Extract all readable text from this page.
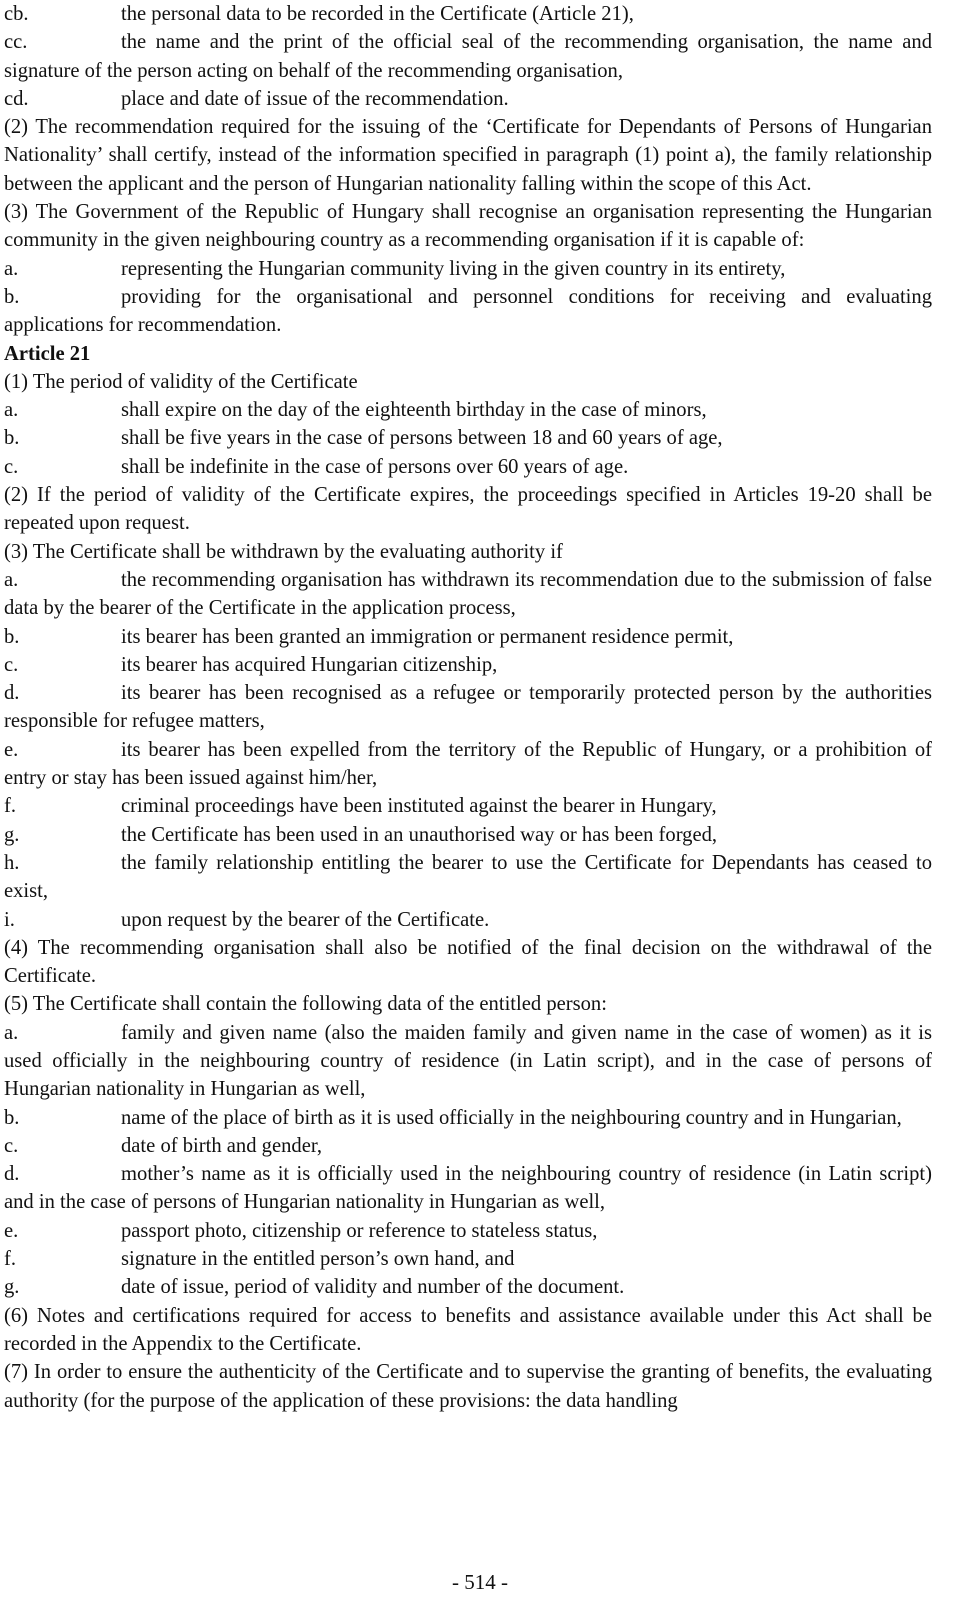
cb.	the personal data to be recorded in the Certificate (Article 21),

cc.	the name and the print of the official seal of the recommending organisation, the name and signature of the person acting on behalf of the recommending organisation,

cd.	place and date of issue of the recommendation.

(2) The recommendation required for the issuing of the ‘Certificate for Dependants of Persons of Hungarian Nationality’ shall certify, instead of the information specified in paragraph (1) point a), the family relationship between the applicant and the person of Hungarian nationality falling within the scope of this Act.

(3) The Government of the Republic of Hungary shall recognise an organisation representing the Hungarian community in the given neighbouring country as a recommending organisation if it is capable of:

a.	representing the Hungarian community living in the given country in its entirety,

b.	providing for the organisational and personnel conditions for receiving and evaluating applications for recommendation.

Article 21

(1) The period of validity of the Certificate

a.	shall expire on the day of the eighteenth birthday in the case of minors,

b.	shall be five years in the case of persons between 18 and 60 years of age,

c.	shall be indefinite in the case of persons over 60 years of age.

(2) If the period of validity of the Certificate expires, the proceedings specified in Articles 19-20 shall be repeated upon request.

(3) The Certificate shall be withdrawn by the evaluating authority if

a.	the recommending organisation has withdrawn its recommendation due to the submission of false data by the bearer of the Certificate in the application process,

b.	its bearer has been granted an immigration or permanent residence permit,

c.	its bearer has acquired Hungarian citizenship,

d.	its bearer has been recognised as a refugee or temporarily protected person by the authorities responsible for refugee matters,

e.	its bearer has been expelled from the territory of the Republic of Hungary, or a prohibition of entry or stay has been issued against him/her,

f.	criminal proceedings have been instituted against the bearer in Hungary,

g.	the Certificate has been used in an unauthorised way or has been forged,

h.	the family relationship entitling the bearer to use the Certificate for Dependants has ceased to exist,

i.	upon request by the bearer of the Certificate.

(4) The recommending organisation shall also be notified of the final decision on the withdrawal of the Certificate.

(5) The Certificate shall contain the following data of the entitled person:

a.	family and given name (also the maiden family and given name in the case of women) as it is used officially in the neighbouring country of residence (in Latin script), and in the case of persons of Hungarian nationality in Hungarian as well,

b.	name of the place of birth as it is used officially in the neighbouring country and in Hungarian,

c.	date of birth and gender,

d.	mother’s name as it is officially used in the neighbouring country of residence (in Latin script) and in the case of persons of Hungarian nationality in Hungarian as well,

e.	passport photo, citizenship or reference to stateless status,

f.	signature in the entitled person’s own hand, and

g.	date of issue, period of validity and number of the document.

(6) Notes and certifications required for access to benefits and assistance available under this Act shall be recorded in the Appendix to the Certificate.

(7) In order to ensure the authenticity of the Certificate and to supervise the granting of benefits, the evaluating authority (for the purpose of the application of these provisions: the data handling

- 514 -
